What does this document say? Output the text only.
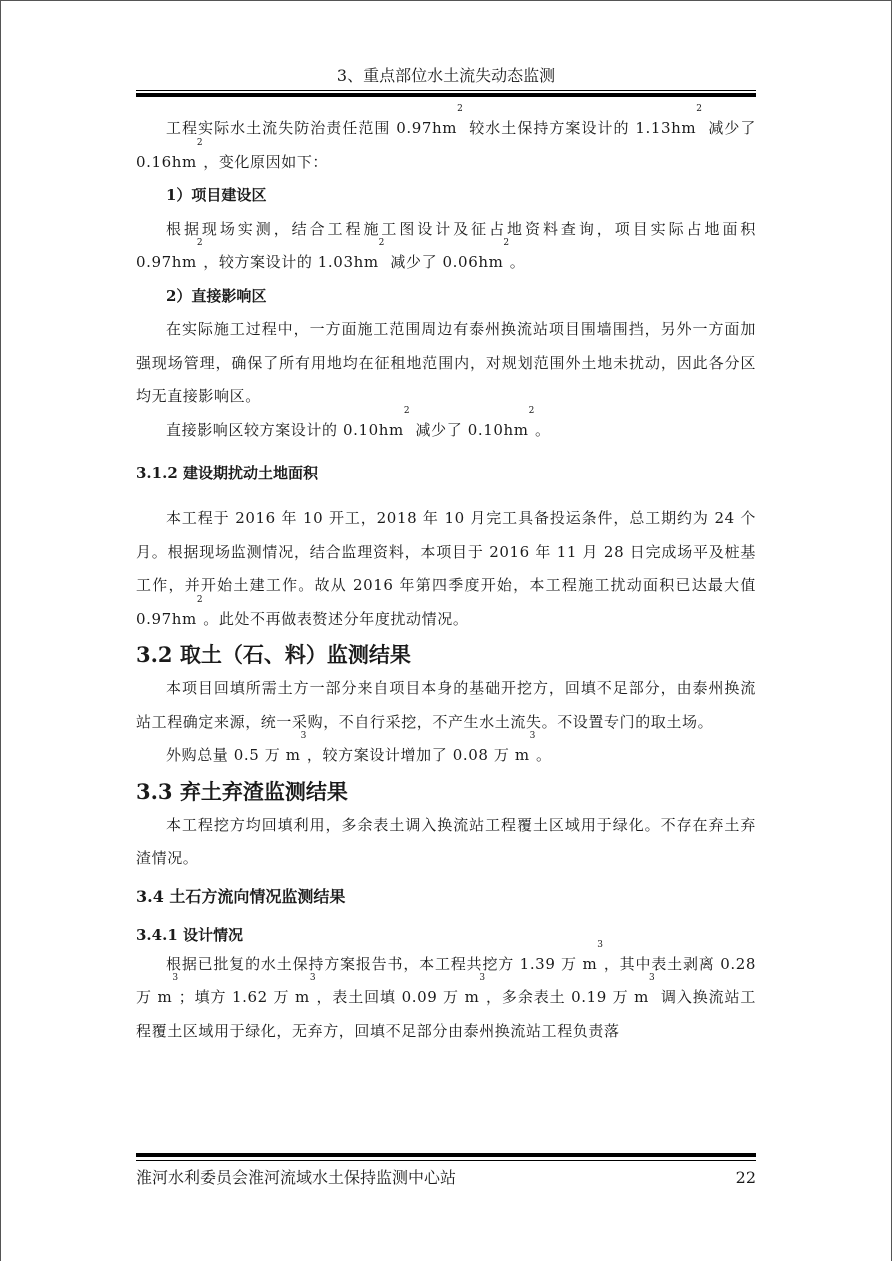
3、重点部位水土流失动态监测

工程实际水土流失防治责任范围 $0.97hm^2$ 较水土保持方案设计的 $1.13hm^2$ 减少了 $0.16hm^2$，变化原因如下：

1）项目建设区

根据现场实测，结合工程施工图设计及征占地资料查询，项目实际占地面积 $0.97hm^2$，较方案设计的 $1.03hm^2$ 减少了 $0.06hm^2$。

2）直接影响区

在实际施工过程中，一方面施工范围周边有泰州换流站项目围墙围挡，另外一方面加强现场管理，确保了所有用地均在征租地范围内，对规划范围外土地未扰动，因此各分区均无直接影响区。

直接影响区较方案设计的 $0.10hm^2$ 减少了 $0.10hm^2$。

3.1.2 建设期扰动土地面积

本工程于 2016 年 10 开工，2018 年 10 月完工具备投运条件，总工期约为 24 个月。根据现场监测情况，结合监理资料，本项目于 2016 年 11 月 28 日完成场平及桩基工作，并开始土建工作。故从 2016 年第四季度开始，本工程施工扰动面积已达最大值 $0.97hm^2$。此处不再做表赘述分年度扰动情况。

3.2 取土（石、料）监测结果

本项目回填所需土方一部分来自项目本身的基础开挖方，回填不足部分，由泰州换流站工程确定来源，统一采购，不自行采挖，不产生水土流失。不设置专门的取土场。

外购总量 0.5 万 $m^3$，较方案设计增加了 0.08 万 $m^3$。

3.3 弃土弃渣监测结果

本工程挖方均回填利用，多余表土调入换流站工程覆土区域用于绿化。不存在弃土弃渣情况。

3.4 土石方流向情况监测结果
3.4.1 设计情况

根据已批复的水土保持方案报告书，本工程共挖方 1.39 万 $m^3$，其中表土剥离 0.28 万 $m^3$；填方 1.62 万 $m^3$，表土回填 0.09 万 $m^3$，多余表土 0.19 万 $m^3$ 调入换流站工程覆土区域用于绿化，无弃方，回填不足部分由泰州换流站工程负责落

淮河水利委员会淮河流域水土保持监测中心站	22
